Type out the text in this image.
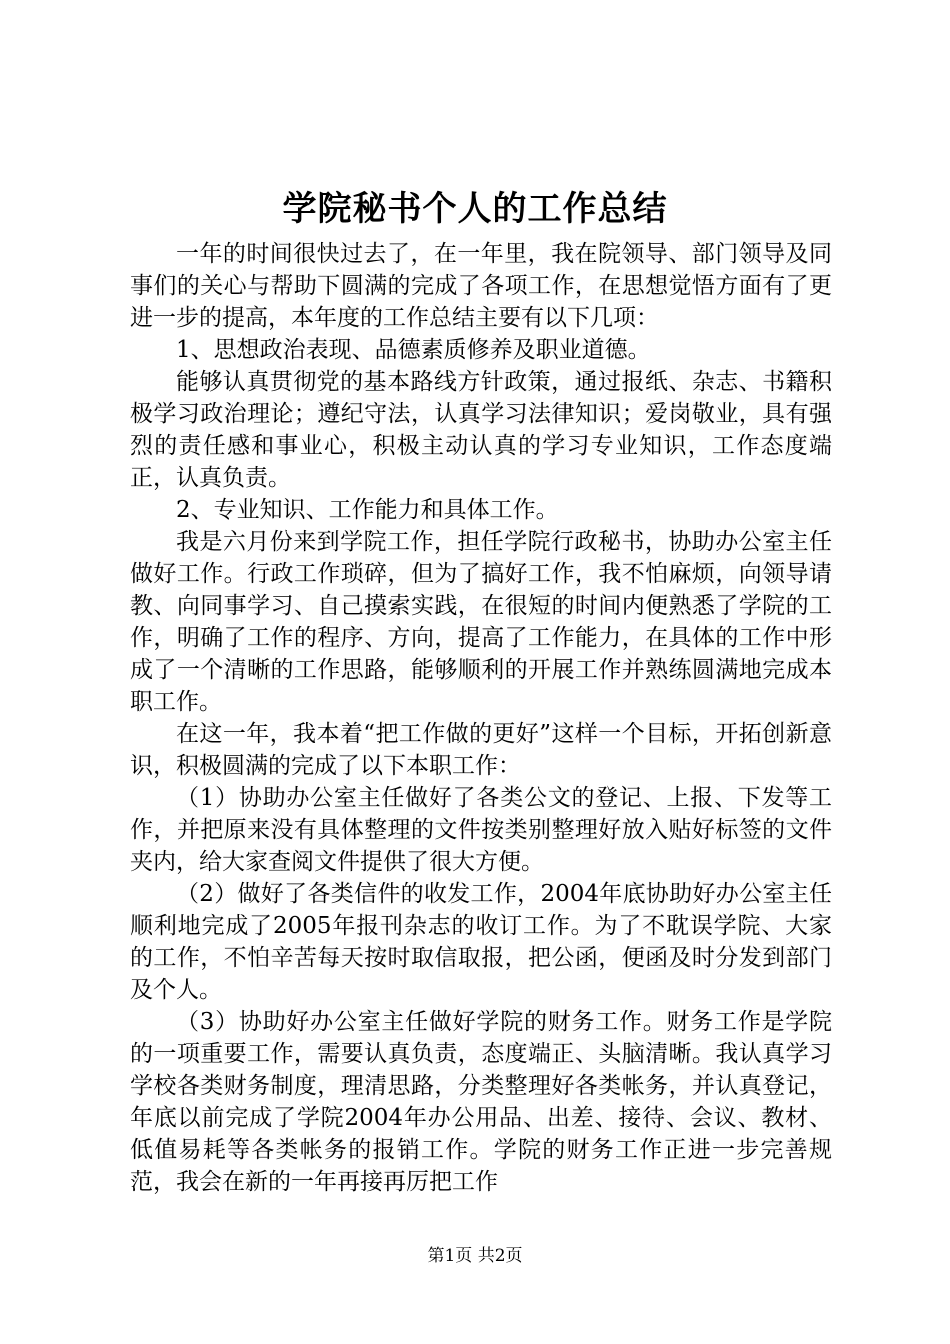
学院秘书个人的工作总结

一年的时间很快过去了，在一年里，我在院领导、部门领导及同事们的关心与帮助下圆满的完成了各项工作，在思想觉悟方面有了更进一步的提高，本年度的工作总结主要有以下几项：

1、思想政治表现、品德素质修养及职业道德。

能够认真贯彻党的基本路线方针政策，通过报纸、杂志、书籍积极学习政治理论；遵纪守法，认真学习法律知识；爱岗敬业，具有强烈的责任感和事业心，积极主动认真的学习专业知识，工作态度端正，认真负责。

2、专业知识、工作能力和具体工作。

我是六月份来到学院工作，担任学院行政秘书，协助办公室主任做好工作。行政工作琐碎，但为了搞好工作，我不怕麻烦，向领导请教、向同事学习、自己摸索实践，在很短的时间内便熟悉了学院的工作，明确了工作的程序、方向，提高了工作能力，在具体的工作中形成了一个清晰的工作思路，能够顺利的开展工作并熟练圆满地完成本职工作。

在这一年，我本着“把工作做的更好”这样一个目标，开拓创新意识，积极圆满的完成了以下本职工作：

（1）协助办公室主任做好了各类公文的登记、上报、下发等工作，并把原来没有具体整理的文件按类别整理好放入贴好标签的文件夹内，给大家查阅文件提供了很大方便。

（2）做好了各类信件的收发工作，2004年底协助好办公室主任顺利地完成了2005年报刊杂志的收订工作。为了不耽误学院、大家的工作，不怕辛苦每天按时取信取报，把公函，便函及时分发到部门及个人。

（3）协助好办公室主任做好学院的财务工作。财务工作是学院的一项重要工作，需要认真负责，态度端正、头脑清晰。我认真学习学校各类财务制度，理清思路，分类整理好各类帐务，并认真登记，年底以前完成了学院2004年办公用品、出差、接待、会议、教材、低值易耗等各类帐务的报销工作。学院的财务工作正进一步完善规范，我会在新的一年再接再厉把工作

第1页 共2页
